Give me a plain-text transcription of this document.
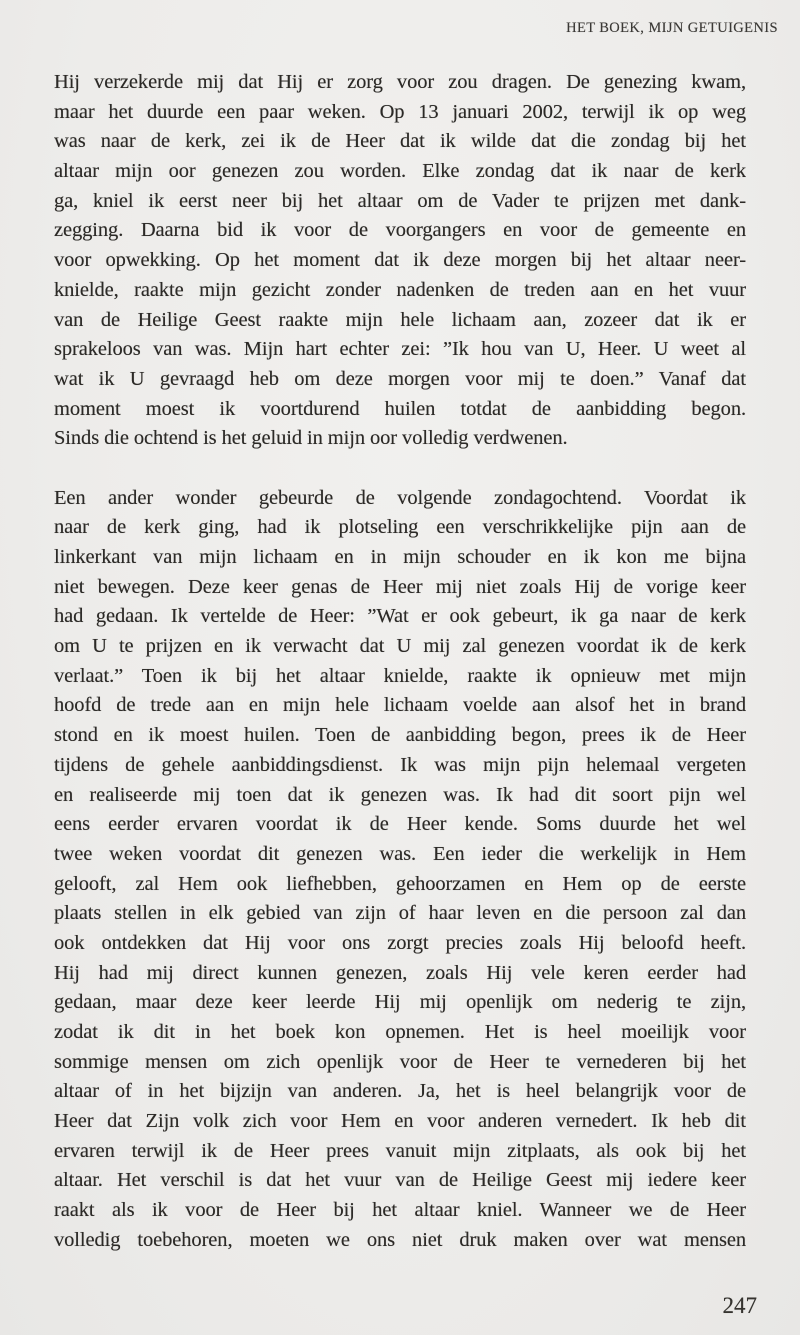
HET BOEK, MIJN GETUIGENIS
Hij verzekerde mij dat Hij er zorg voor zou dragen. De genezing kwam,
maar het duurde een paar weken. Op 13 januari 2002, terwijl ik op weg
was naar de kerk, zei ik de Heer dat ik wilde dat die zondag bij het
altaar mijn oor genezen zou worden. Elke zondag dat ik naar de kerk
ga, kniel ik eerst neer bij het altaar om de Vader te prijzen met dank-
zegging. Daarna bid ik voor de voorgangers en voor de gemeente en
voor opwekking. Op het moment dat ik deze morgen bij het altaar neer-
knielde, raakte mijn gezicht zonder nadenken de treden aan en het vuur
van de Heilige Geest raakte mijn hele lichaam aan, zozeer dat ik er
sprakeloos van was. Mijn hart echter zei: ”Ik hou van U, Heer. U weet al
wat ik U gevraagd heb om deze morgen voor mij te doen.” Vanaf dat
moment moest ik voortdurend huilen totdat de aanbidding begon.
Sinds die ochtend is het geluid in mijn oor volledig verdwenen.
Een ander wonder gebeurde de volgende zondagochtend. Voordat ik
naar de kerk ging, had ik plotseling een verschrikkelijke pijn aan de
linkerkant van mijn lichaam en in mijn schouder en ik kon me bijna
niet bewegen. Deze keer genas de Heer mij niet zoals Hij de vorige keer
had gedaan. Ik vertelde de Heer: ”Wat er ook gebeurt, ik ga naar de kerk
om U te prijzen en ik verwacht dat U mij zal genezen voordat ik de kerk
verlaat.” Toen ik bij het altaar knielde, raakte ik opnieuw met mijn
hoofd de trede aan en mijn hele lichaam voelde aan alsof het in brand
stond en ik moest huilen. Toen de aanbidding begon, prees ik de Heer
tijdens de gehele aanbiddingsdienst. Ik was mijn pijn helemaal vergeten
en realiseerde mij toen dat ik genezen was. Ik had dit soort pijn wel
eens eerder ervaren voordat ik de Heer kende. Soms duurde het wel
twee weken voordat dit genezen was. Een ieder die werkelijk in Hem
gelooft, zal Hem ook liefhebben, gehoorzamen en Hem op de eerste
plaats stellen in elk gebied van zijn of haar leven en die persoon zal dan
ook ontdekken dat Hij voor ons zorgt precies zoals Hij beloofd heeft.
Hij had mij direct kunnen genezen, zoals Hij vele keren eerder had
gedaan, maar deze keer leerde Hij mij openlijk om nederig te zijn,
zodat ik dit in het boek kon opnemen. Het is heel moeilijk voor
sommige mensen om zich openlijk voor de Heer te vernederen bij het
altaar of in het bijzijn van anderen. Ja, het is heel belangrijk voor de
Heer dat Zijn volk zich voor Hem en voor anderen vernedert. Ik heb dit
ervaren terwijl ik de Heer prees vanuit mijn zitplaats, als ook bij het
altaar. Het verschil is dat het vuur van de Heilige Geest mij iedere keer
raakt als ik voor de Heer bij het altaar kniel. Wanneer we de Heer
volledig toebehoren, moeten we ons niet druk maken over wat mensen
247
